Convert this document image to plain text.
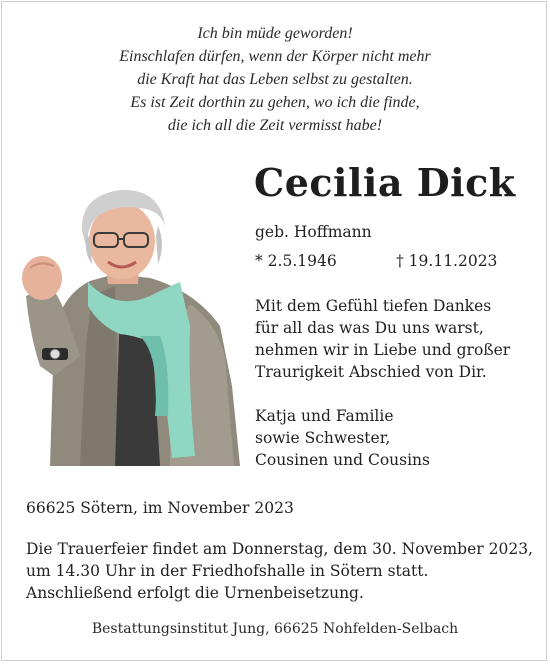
Ich bin müde geworden!
Einschlafen dürfen, wenn der Körper nicht mehr
die Kraft hat das Leben selbst zu gestalten.
Es ist Zeit dorthin zu gehen, wo ich die finde,
die ich all die Zeit vermisst habe!
Cecilia Dick
geb. Hoffmann
* 2.5.1946	† 19.11.2023
Mit dem Gefühl tiefen Dankes
für all das was Du uns warst,
nehmen wir in Liebe und großer
Traurigkeit Abschied von Dir.
Katja und Familie
sowie Schwester,
Cousinen und Cousins
66625 Sötern, im November 2023
Die Trauerfeier findet am Donnerstag, dem 30. November 2023,
um 14.30 Uhr in der Friedhofshalle in Sötern statt.
Anschließend erfolgt die Urnenbeisetzung.
Bestattungsinstitut Jung, 66625 Nohfelden-Selbach
